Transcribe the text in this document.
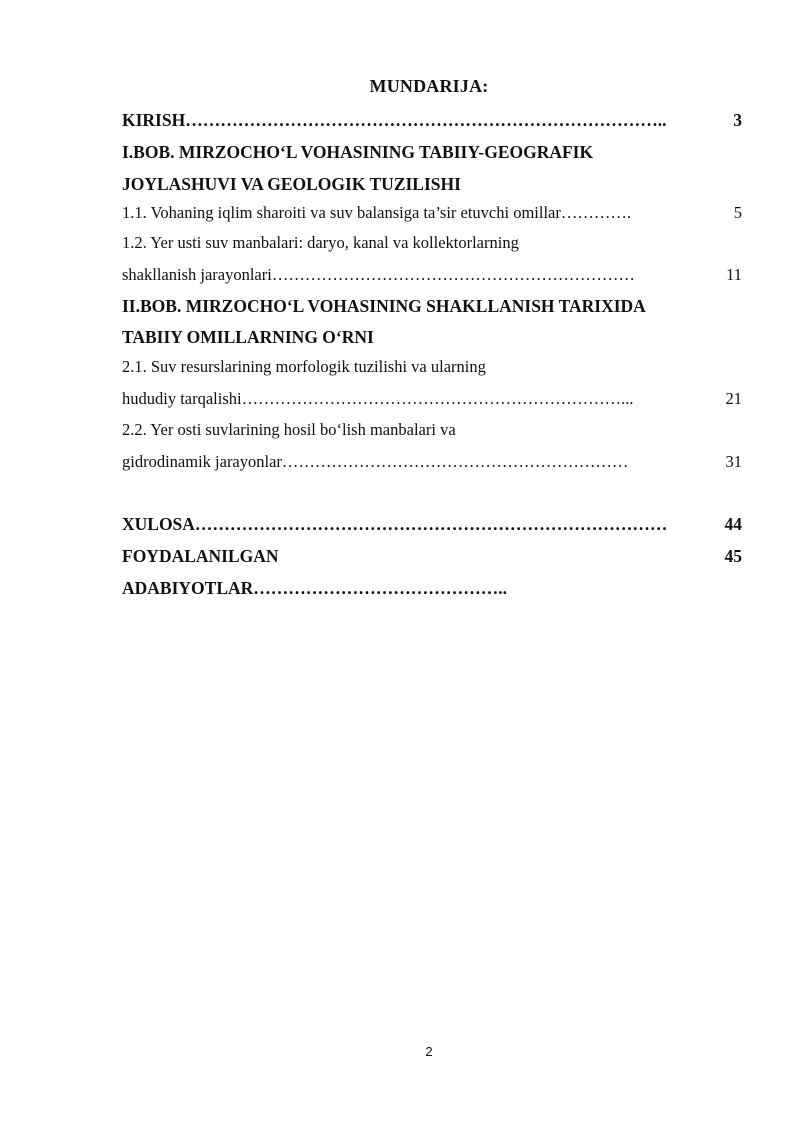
MUNDARIJA:
KIRISH………………………………………………………………………..	3
I.BOB. MIRZOCHO‘L VOHASINING TABIIY-GEOGRAFIK
JOYLASHUVI VA GEOLOGIK TUZILISHI
1.1. Vohaning iqlim sharoiti va suv balansiga ta’sir etuvchi omillar………….	5
1.2. Yer usti suv manbalari: daryo, kanal va kollektorlarning
shakllanish jarayonlari…………………………………………………………	11
II.BOB. MIRZOCHO‘L VOHASINING SHAKLLANISH TARIXIDA
TABIIY OMILLARNING O‘RNI
2.1. Suv resurslarining morfologik tuzilishi va ularning
hududiy tarqalishi……………………………………………………………...	21
2.2. Yer osti suvlarining hosil bo‘lish manbalari va
gidrodinamik jarayonlar………………………………………………………	31
XULOSA………………………………………………………………………	44
FOYDALANILGAN	45
ADABIYOTLAR……………………………………..
2
